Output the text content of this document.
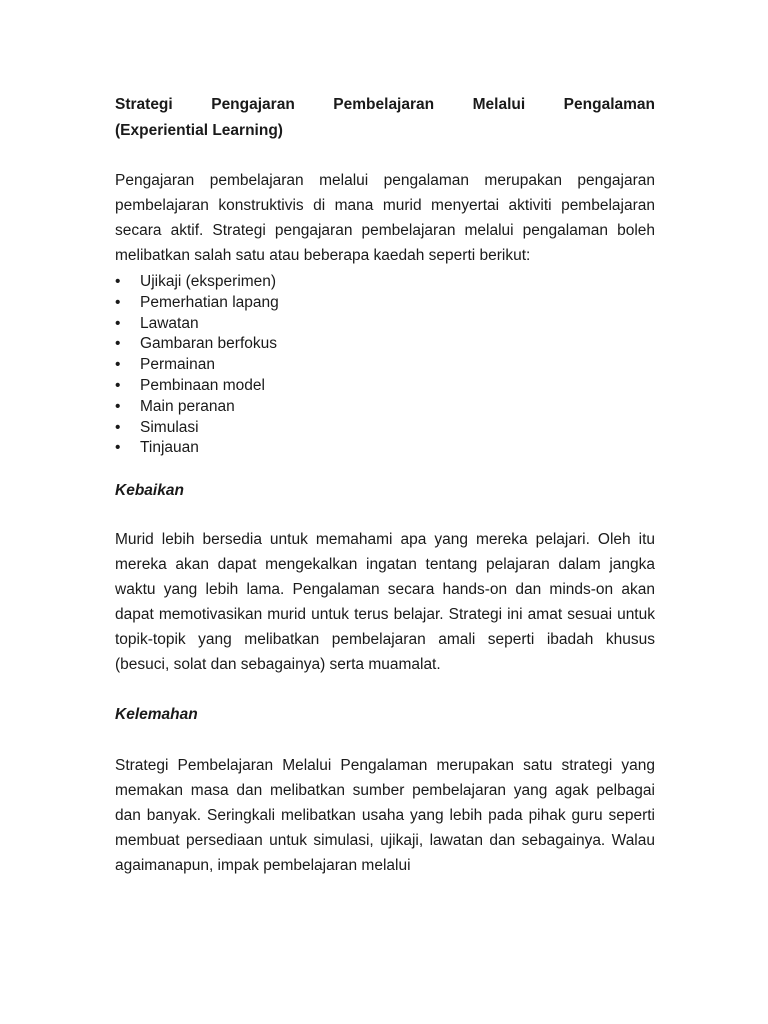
Strategi Pengajaran Pembelajaran Melalui Pengalaman
(Experiential Learning)

Pengajaran pembelajaran melalui pengalaman merupakan pengajaran pembelajaran konstruktivis di mana murid menyertai aktiviti pembelajaran secara aktif. Strategi pengajaran pembelajaran melalui pengalaman boleh melibatkan salah satu atau beberapa kaedah seperti berikut:

•	Ujikaji (eksperimen)
•	Pemerhatian lapang
•	Lawatan
•	Gambaran berfokus
•	Permainan
•	Pembinaan model
•	Main peranan
•	Simulasi
•	Tinjauan
Kebaikan

Murid lebih bersedia untuk memahami apa yang mereka pelajari. Oleh itu mereka akan dapat mengekalkan ingatan tentang pelajaran dalam jangka waktu yang lebih lama. Pengalaman secara hands-on dan minds-on akan dapat memotivasikan murid untuk terus belajar. Strategi ini amat sesuai untuk topik-topik yang melibatkan pembelajaran amali seperti ibadah khusus (besuci, solat dan sebagainya) serta muamalat.

Kelemahan

Strategi Pembelajaran Melalui Pengalaman merupakan satu strategi yang memakan masa dan melibatkan sumber pembelajaran yang agak pelbagai dan banyak. Seringkali melibatkan usaha yang lebih pada pihak guru seperti membuat persediaan untuk simulasi, ujikaji, lawatan dan sebagainya. Walau agaimanapun, impak pembelajaran melalui
